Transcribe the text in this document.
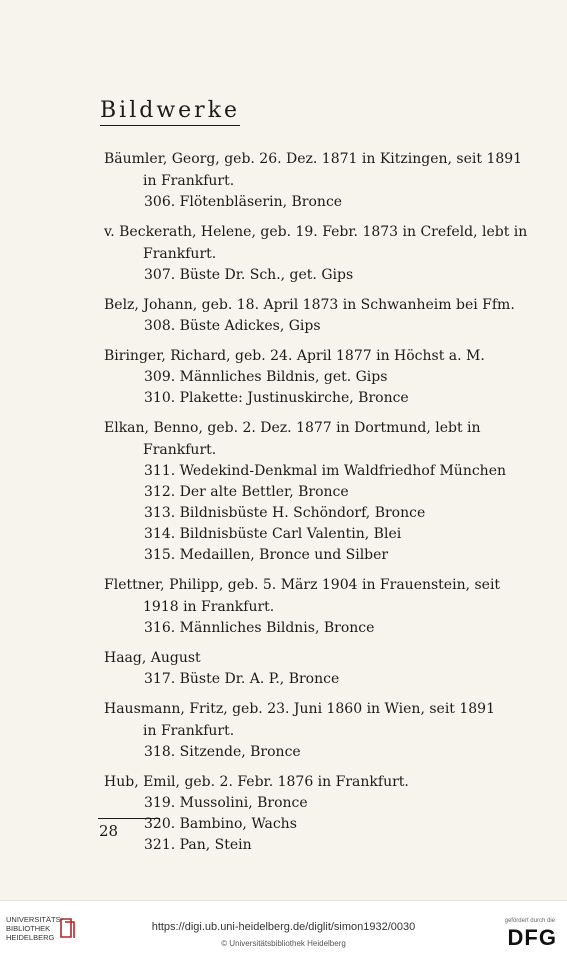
Bildwerke
Bäumler, Georg, geb. 26. Dez. 1871 in Kitzingen, seit 1891
in Frankfurt.
306. Flötenbläserin, Bronce
v. Beckerath, Helene, geb. 19. Febr. 1873 in Crefeld, lebt in
Frankfurt.
307. Büste Dr. Sch., get. Gips
Belz, Johann, geb. 18. April 1873 in Schwanheim bei Ffm.
308. Büste Adickes, Gips
Biringer, Richard, geb. 24. April 1877 in Höchst a. M.
309. Männliches Bildnis, get. Gips
310. Plakette: Justinuskirche, Bronce
Elkan, Benno, geb. 2. Dez. 1877 in Dortmund, lebt in
Frankfurt.
311. Wedekind-Denkmal im Waldfriedhof München
312. Der alte Bettler, Bronce
313. Bildnisbüste H. Schöndorf, Bronce
314. Bildnisbüste Carl Valentin, Blei
315. Medaillen, Bronce und Silber
Flettner, Philipp, geb. 5. März 1904 in Frauenstein, seit
1918 in Frankfurt.
316. Männliches Bildnis, Bronce
Haag, August
317. Büste Dr. A. P., Bronce
Hausmann, Fritz, geb. 23. Juni 1860 in Wien, seit 1891
in Frankfurt.
318. Sitzende, Bronce
Hub, Emil, geb. 2. Febr. 1876 in Frankfurt.
319. Mussolini, Bronce
320. Bambino, Wachs
321. Pan, Stein
28
UNIVERSITÄTS-
BIBLIOTHEK
HEIDELBERG
https://digi.ub.uni-heidelberg.de/diglit/simon1932/0030
© Universitätsbibliothek Heidelberg
gefördert durch die
DFG
